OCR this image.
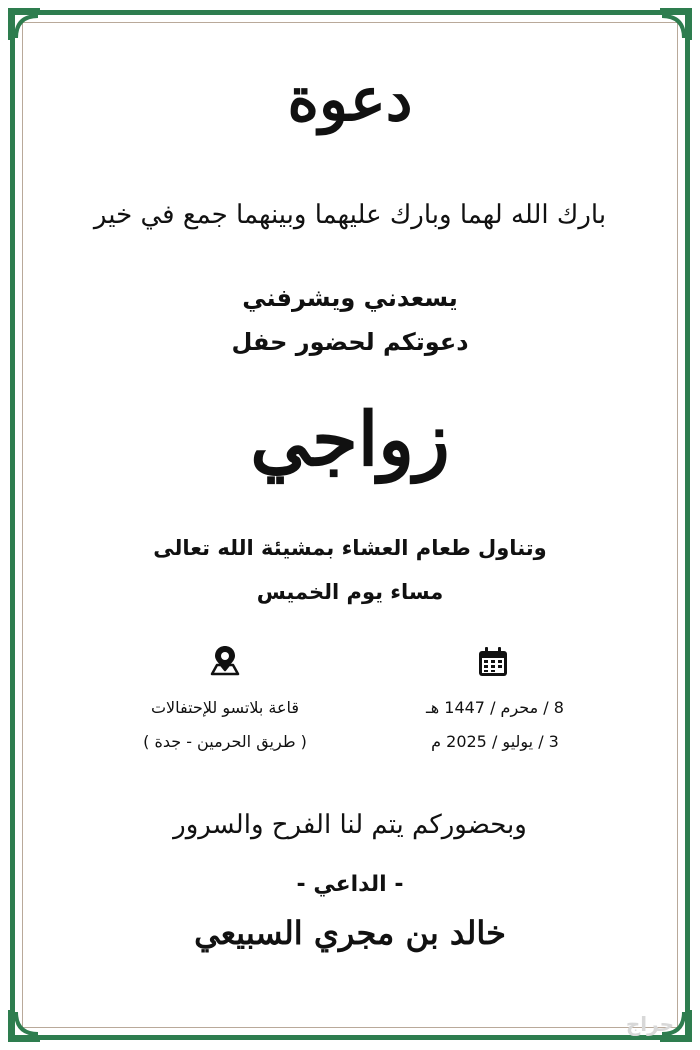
دعوة

بارك الله لهما وبارك عليهما وبينهما جمع في خير

يسعدني ويشرفني

دعوتكم لحضور حفل

زواجي

وتناول طعام العشاء بمشيئة الله تعالى

مساء يوم الخميس

8 / محرم / 1447 هـ
3 / يوليو / 2025 م
قاعة بلاتسو للإحتفالات
( طريق الحرمين - جدة )

وبحضوركم يتم لنا الفرح والسرور

- الداعي -

خالد بن مجري السبيعي

حراج
